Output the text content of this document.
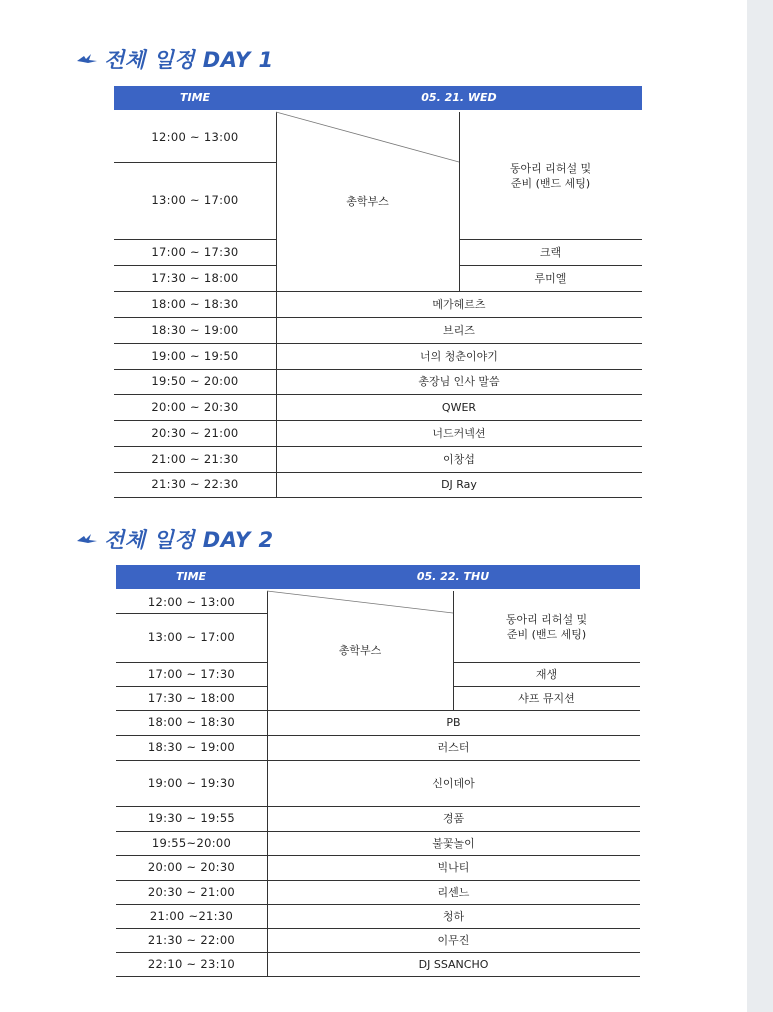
전체 일정 DAY 1
TIME	05. 21. WED
12:00 ~ 13:00
13:00 ~ 17:00
17:00 ~ 17:30
17:30 ~ 18:00
18:00 ~ 18:30
18:30 ~ 19:00
19:00 ~ 19:50
19:50 ~ 20:00
20:00 ~ 20:30
20:30 ~ 21:00
21:00 ~ 21:30
21:30 ~ 22:30
총학부스
동아리 리허설 및
준비 (밴드 세팅)
크랙
루미엘
메가헤르츠
브리즈
너의 청춘이야기
총장님 인사 말씀
QWER
너드커넥션
이창섭
DJ Ray
전체 일정 DAY 2
TIME	05. 22. THU
12:00 ~ 13:00
13:00 ~ 17:00
17:00 ~ 17:30
17:30 ~ 18:00
18:00 ~ 18:30
18:30 ~ 19:00
19:00 ~ 19:30
19:30 ~ 19:55
19:55~20:00
20:00 ~ 20:30
20:30 ~ 21:00
21:00 ~21:30
21:30 ~ 22:00
22:10 ~ 23:10
총학부스
동아리 리허설 및
준비 (밴드 세팅)
재생
샤프 뮤지션
PB
러스터
신이데아
경품
불꽃놀이
빅나티
리센느
청하
이무진
DJ SSANCHO
